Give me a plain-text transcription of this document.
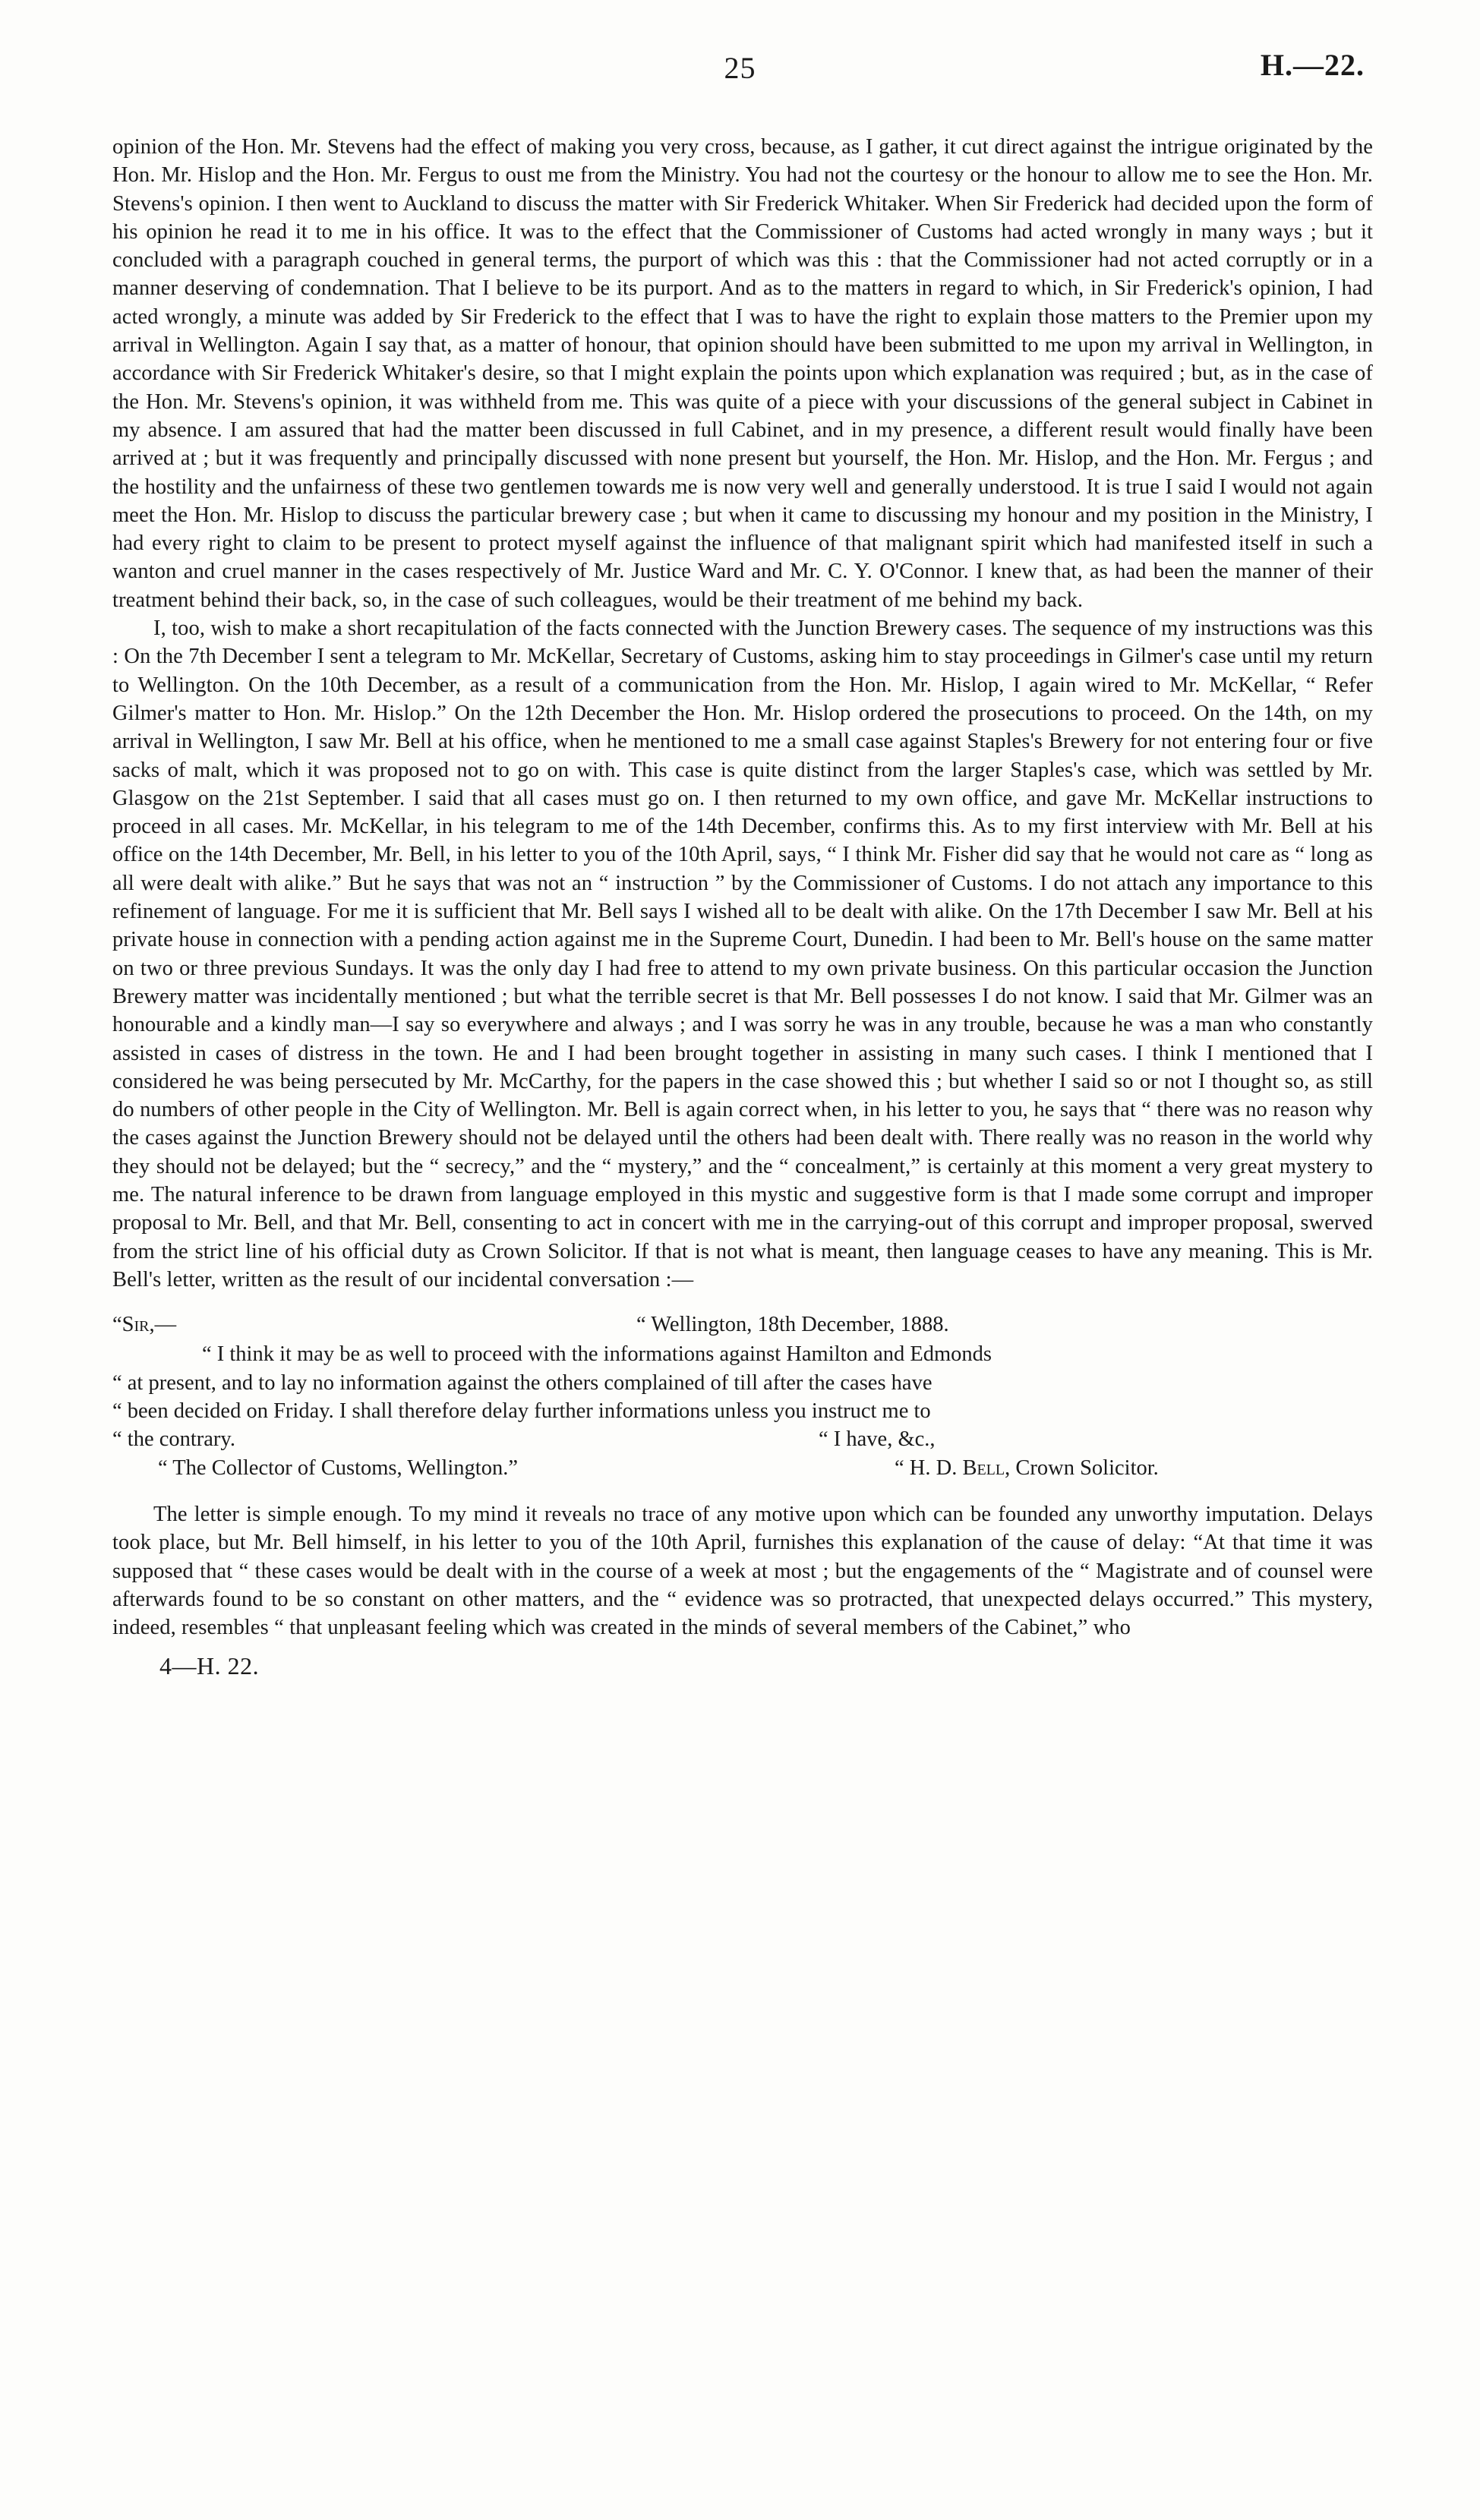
25	H.—22.

opinion of the Hon. Mr. Stevens had the effect of making you very cross, because, as I gather, it cut direct against the intrigue originated by the Hon. Mr. Hislop and the Hon. Mr. Fergus to oust me from the Ministry. You had not the courtesy or the honour to allow me to see the Hon. Mr. Stevens's opinion. I then went to Auckland to discuss the matter with Sir Frederick Whitaker. When Sir Frederick had decided upon the form of his opinion he read it to me in his office. It was to the effect that the Commissioner of Customs had acted wrongly in many ways ; but it concluded with a paragraph couched in general terms, the purport of which was this : that the Commissioner had not acted corruptly or in a manner deserving of condemnation. That I believe to be its purport. And as to the matters in regard to which, in Sir Frederick's opinion, I had acted wrongly, a minute was added by Sir Frederick to the effect that I was to have the right to explain those matters to the Premier upon my arrival in Wellington. Again I say that, as a matter of honour, that opinion should have been submitted to me upon my arrival in Wellington, in accordance with Sir Frederick Whitaker's desire, so that I might explain the points upon which explanation was required ; but, as in the case of the Hon. Mr. Stevens's opinion, it was withheld from me. This was quite of a piece with your discussions of the general subject in Cabinet in my absence. I am assured that had the matter been discussed in full Cabinet, and in my presence, a different result would finally have been arrived at ; but it was frequently and principally discussed with none present but yourself, the Hon. Mr. Hislop, and the Hon. Mr. Fergus ; and the hostility and the unfairness of these two gentlemen towards me is now very well and generally understood. It is true I said I would not again meet the Hon. Mr. Hislop to discuss the particular brewery case ; but when it came to discussing my honour and my position in the Ministry, I had every right to claim to be present to protect myself against the influence of that malignant spirit which had manifested itself in such a wanton and cruel manner in the cases respectively of Mr. Justice Ward and Mr. C. Y. O'Connor. I knew that, as had been the manner of their treatment behind their back, so, in the case of such colleagues, would be their treatment of me behind my back.

I, too, wish to make a short recapitulation of the facts connected with the Junction Brewery cases. The sequence of my instructions was this : On the 7th December I sent a telegram to Mr. McKellar, Secretary of Customs, asking him to stay proceedings in Gilmer's case until my return to Wellington. On the 10th December, as a result of a communication from the Hon. Mr. Hislop, I again wired to Mr. McKellar, “ Refer Gilmer's matter to Hon. Mr. Hislop.” On the 12th December the Hon. Mr. Hislop ordered the prosecutions to proceed. On the 14th, on my arrival in Wellington, I saw Mr. Bell at his office, when he mentioned to me a small case against Staples's Brewery for not entering four or five sacks of malt, which it was proposed not to go on with. This case is quite distinct from the larger Staples's case, which was settled by Mr. Glasgow on the 21st September. I said that all cases must go on. I then returned to my own office, and gave Mr. McKellar instructions to proceed in all cases. Mr. McKellar, in his telegram to me of the 14th December, confirms this. As to my first interview with Mr. Bell at his office on the 14th December, Mr. Bell, in his letter to you of the 10th April, says, “ I think Mr. Fisher did say that he would not care as “ long as all were dealt with alike.” But he says that was not an “ instruction ” by the Commissioner of Customs. I do not attach any importance to this refinement of language. For me it is sufficient that Mr. Bell says I wished all to be dealt with alike. On the 17th December I saw Mr. Bell at his private house in connection with a pending action against me in the Supreme Court, Dunedin. I had been to Mr. Bell's house on the same matter on two or three previous Sundays. It was the only day I had free to attend to my own private business. On this particular occasion the Junction Brewery matter was incidentally mentioned ; but what the terrible secret is that Mr. Bell possesses I do not know. I said that Mr. Gilmer was an honourable and a kindly man—I say so everywhere and always ; and I was sorry he was in any trouble, because he was a man who constantly assisted in cases of distress in the town. He and I had been brought together in assisting in many such cases. I think I mentioned that I considered he was being persecuted by Mr. McCarthy, for the papers in the case showed this ; but whether I said so or not I thought so, as still do numbers of other people in the City of Wellington. Mr. Bell is again correct when, in his letter to you, he says that “ there was no reason why the cases against the Junction Brewery should not be delayed until the others had been dealt with. There really was no reason in the world why they should not be delayed; but the “ secrecy,” and the “ mystery,” and the “ concealment,” is certainly at this moment a very great mystery to me. The natural inference to be drawn from language employed in this mystic and suggestive form is that I made some corrupt and improper proposal to Mr. Bell, and that Mr. Bell, consenting to act in concert with me in the carrying-out of this corrupt and improper proposal, swerved from the strict line of his official duty as Crown Solicitor. If that is not what is meant, then language ceases to have any meaning. This is Mr. Bell's letter, written as the result of our incidental conversation :—

“Sir,—	“ Wellington, 18th December, 1888.
“ I think it may be as well to proceed with the informations against Hamilton and Edmonds
“ at present, and to lay no information against the others complained of till after the cases have
“ been decided on Friday. I shall therefore delay further informations unless you instruct me to
“ the contrary.	“ I have, &c.,
“ The Collector of Customs, Wellington.”	“ H. D. Bell, Crown Solicitor.

The letter is simple enough. To my mind it reveals no trace of any motive upon which can be founded any unworthy imputation. Delays took place, but Mr. Bell himself, in his letter to you of the 10th April, furnishes this explanation of the cause of delay: “At that time it was supposed that “ these cases would be dealt with in the course of a week at most ; but the engagements of the “ Magistrate and of counsel were afterwards found to be so constant on other matters, and the “ evidence was so protracted, that unexpected delays occurred.” This mystery, indeed, resembles “ that unpleasant feeling which was created in the minds of several members of the Cabinet,” who

4—H. 22.
